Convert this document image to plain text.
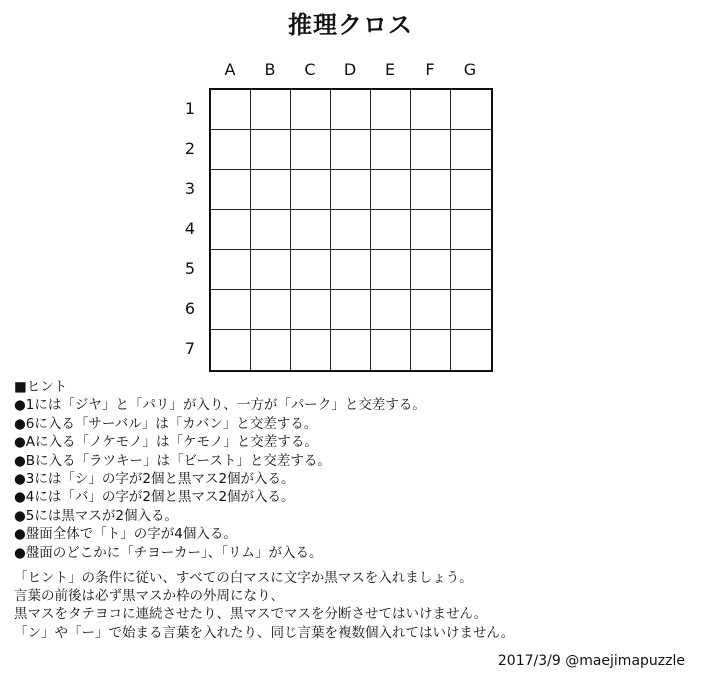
推理クロス
A	B	C	D	E	F	G
1
2
3
4
5
6
7
■ヒント
●1には「ジヤ」と「パリ」が入り、一方が「パーク」と交差する。
●6に入る「サーバル」は「カバン」と交差する。
●Aに入る「ノケモノ」は「ケモノ」と交差する。
●Bに入る「ラツキー」は「ビースト」と交差する。
●3には「シ」の字が2個と黒マス2個が入る。
●4には「バ」の字が2個と黒マス2個が入る。
●5には黒マスが2個入る。
●盤面全体で「ト」の字が4個入る。
●盤面のどこかに「チヨーカー」、「リム」が入る。
「ヒント」の条件に従い、すべての白マスに文字か黒マスを入れましょう。
言葉の前後は必ず黒マスか枠の外周になり、
黒マスをタテヨコに連続させたり、黒マスでマスを分断させてはいけません。
「ン」や「ー」で始まる言葉を入れたり、同じ言葉を複数個入れてはいけません。
2017/3/9 @maejimapuzzle
